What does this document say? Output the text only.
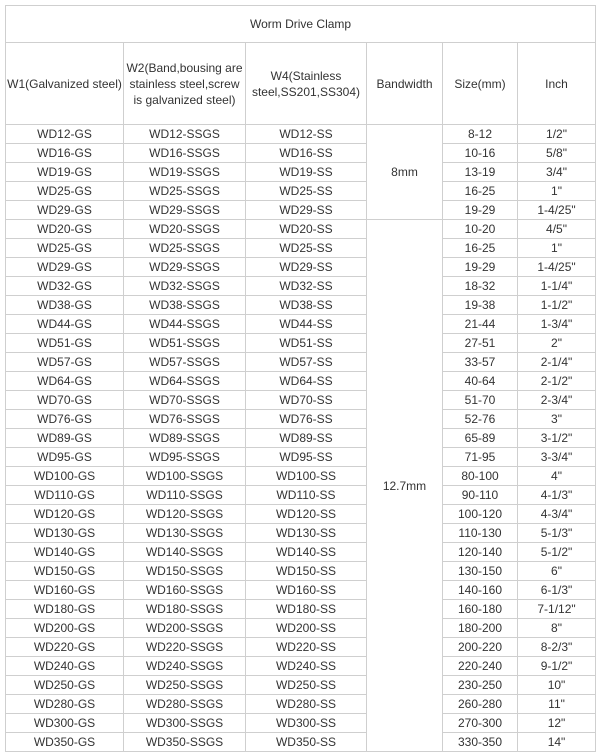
Worm Drive Clamp					
W1(Galvanized steel)	W2(Band,bousing are stainless steel,screw is galvanized steel)	W4(Stainless steel,SS201,SS304)	Bandwidth	Size(mm)	Inch
WD12-GS	WD12-SSGS	WD12-SS	8mm	8-12	1/2"
WD16-GS	WD16-SSGS	WD16-SS		10-16	5/8"
WD19-GS	WD19-SSGS	WD19-SS		13-19	3/4"
WD25-GS	WD25-SSGS	WD25-SS		16-25	1"
WD29-GS	WD29-SSGS	WD29-SS		19-29	1-4/25"
WD20-GS	WD20-SSGS	WD20-SS	12.7mm	10-20	4/5"
WD25-GS	WD25-SSGS	WD25-SS		16-25	1"
WD29-GS	WD29-SSGS	WD29-SS		19-29	1-4/25"
WD32-GS	WD32-SSGS	WD32-SS		18-32	1-1/4"
WD38-GS	WD38-SSGS	WD38-SS		19-38	1-1/2"
WD44-GS	WD44-SSGS	WD44-SS		21-44	1-3/4"
WD51-GS	WD51-SSGS	WD51-SS		27-51	2"
WD57-GS	WD57-SSGS	WD57-SS		33-57	2-1/4"
WD64-GS	WD64-SSGS	WD64-SS		40-64	2-1/2"
WD70-GS	WD70-SSGS	WD70-SS		51-70	2-3/4"
WD76-GS	WD76-SSGS	WD76-SS		52-76	3"
WD89-GS	WD89-SSGS	WD89-SS		65-89	3-1/2"
WD95-GS	WD95-SSGS	WD95-SS		71-95	3-3/4"
WD100-GS	WD100-SSGS	WD100-SS		80-100	4"
WD110-GS	WD110-SSGS	WD110-SS		90-110	4-1/3"
WD120-GS	WD120-SSGS	WD120-SS		100-120	4-3/4"
WD130-GS	WD130-SSGS	WD130-SS		110-130	5-1/3"
WD140-GS	WD140-SSGS	WD140-SS		120-140	5-1/2"
WD150-GS	WD150-SSGS	WD150-SS		130-150	6"
WD160-GS	WD160-SSGS	WD160-SS		140-160	6-1/3"
WD180-GS	WD180-SSGS	WD180-SS		160-180	7-1/12"
WD200-GS	WD200-SSGS	WD200-SS		180-200	8"
WD220-GS	WD220-SSGS	WD220-SS		200-220	8-2/3"
WD240-GS	WD240-SSGS	WD240-SS		220-240	9-1/2"
WD250-GS	WD250-SSGS	WD250-SS		230-250	10"
WD280-GS	WD280-SSGS	WD280-SS		260-280	11"
WD300-GS	WD300-SSGS	WD300-SS		270-300	12"
WD350-GS	WD350-SSGS	WD350-SS		330-350	14"
